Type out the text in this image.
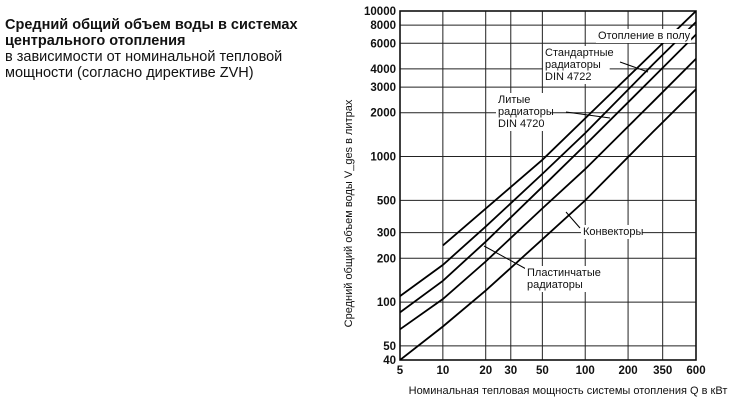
Средний общий объем воды в системах центрального отопления
в зависимости от номинальной тепловой мощности (согласно директиве ZVH)
40
50
100
200
300
500
1000
2000
3000
4000
6000
8000
10000
5	10	20 30 50 100 200 350 600
Номинальная тепловая мощность системы отопления Q в кВт
Средний общий объем воды V_ges в литрах
Отопление в полу
Стандартные
радиаторы
DIN 4722
Литые
радиаторы
DIN 4720
Конвекторы
Пластинчатые
радиаторы
